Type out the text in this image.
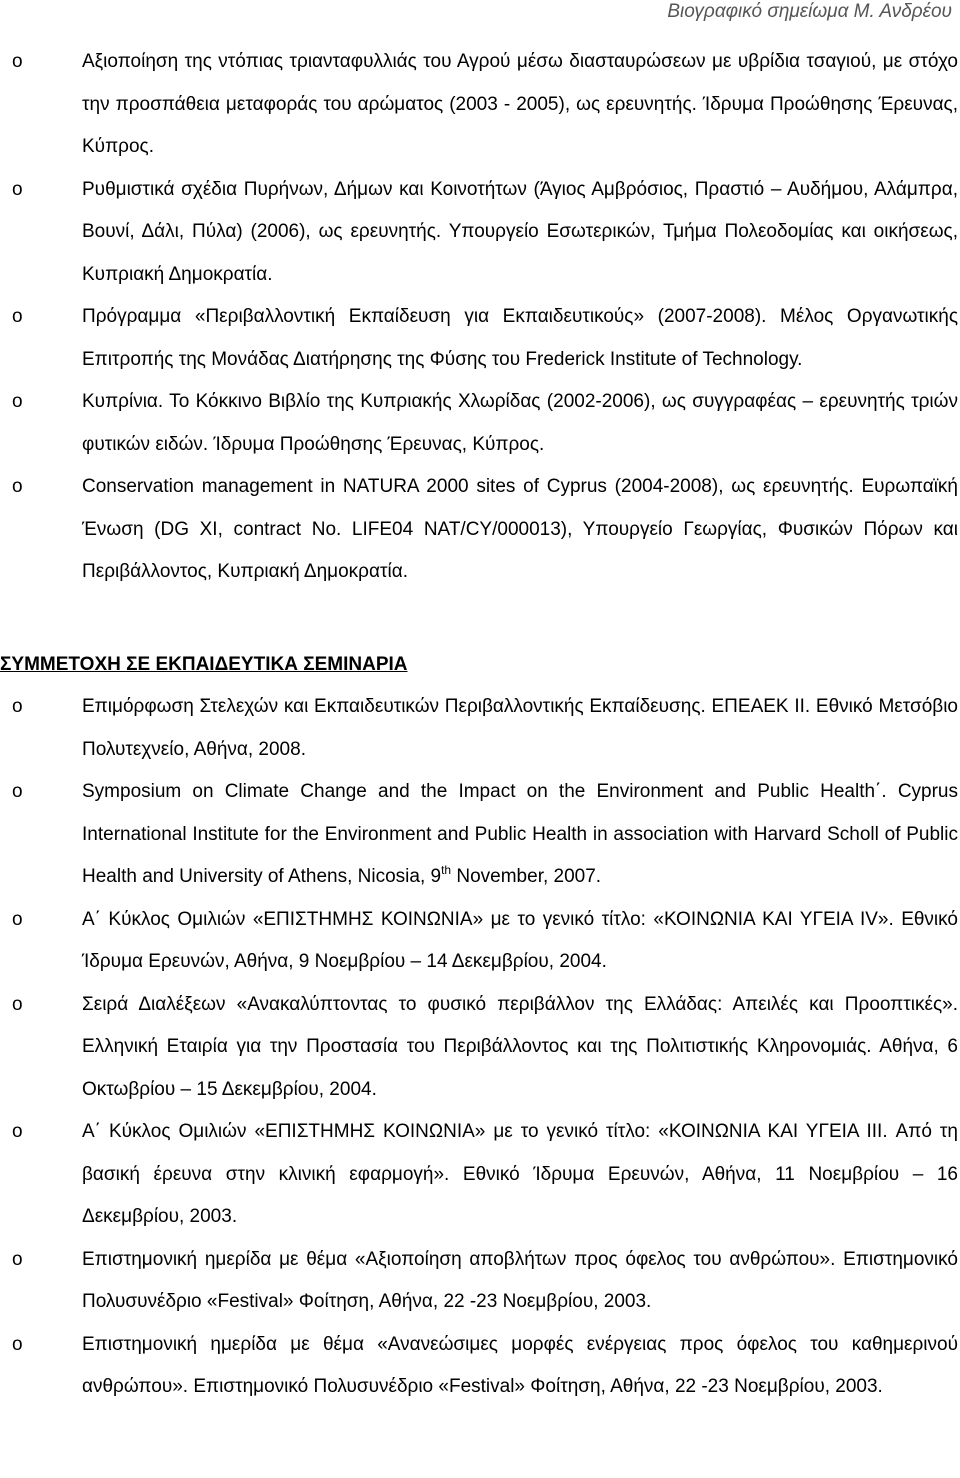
Βιογραφικό σημείωμα Μ. Ανδρέου
o	Αξιοποίηση της ντόπιας τριανταφυλλιάς του Αγρού μέσω διασταυρώσεων με υβρίδια τσαγιού, με στόχο την προσπάθεια μεταφοράς του αρώματος (2003 - 2005), ως ερευνητής. Ίδρυμα Προώθησης Έρευνας, Κύπρος.
o	Ρυθμιστικά σχέδια Πυρήνων, Δήμων και Κοινοτήτων (Άγιος Αμβρόσιος, Πραστιό – Αυδήμου, Αλάμπρα, Βουνί, Δάλι, Πύλα) (2006), ως ερευνητής. Υπουργείο Εσωτερικών, Τμήμα Πολεοδομίας και οικήσεως, Κυπριακή Δημοκρατία.
o	Πρόγραμμα «Περιβαλλοντική Εκπαίδευση για Εκπαιδευτικούς» (2007-2008). Μέλος Οργανωτικής Επιτροπής της Μονάδας Διατήρησης της Φύσης του Frederick Institute of Technology.
o	Κυπρίνια. Το Κόκκινο Βιβλίο της Κυπριακής Χλωρίδας (2002-2006), ως συγγραφέας – ερευνητής τριών φυτικών ειδών. Ίδρυμα Προώθησης Έρευνας, Κύπρος.
o	Conservation management in NATURA 2000 sites of Cyprus (2004-2008), ως ερευνητής. Ευρωπαϊκή Ένωση (DG XI, contract No. LIFE04 NAT/CY/000013), Υπουργείο Γεωργίας, Φυσικών Πόρων και Περιβάλλοντος, Κυπριακή Δημοκρατία.
ΣΥΜΜΕΤΟΧΗ ΣΕ ΕΚΠΑΙΔΕΥΤΙΚΑ ΣΕΜΙΝΑΡΙΑ
o	Επιμόρφωση Στελεχών και Εκπαιδευτικών Περιβαλλοντικής Εκπαίδευσης. ΕΠΕΑΕΚ ΙΙ. Εθνικό Μετσόβιο Πολυτεχνείο, Αθήνα, 2008.
o	Symposium on Climate Change and the Impact on the Environment and Public Health΄. Cyprus International Institute for the Environment and Public Health in association with Harvard Scholl of Public Health and University of Athens, Nicosia, 9th November, 2007.
o	Α΄ Κύκλος Ομιλιών «ΕΠΙΣΤΗΜΗΣ ΚΟΙΝΩΝΙΑ» με το γενικό τίτλο: «ΚΟΙΝΩΝΙΑ ΚΑΙ ΥΓΕΙΑ IV». Εθνικό Ίδρυμα Ερευνών, Αθήνα, 9 Νοεμβρίου – 14 Δεκεμβρίου, 2004.
o	Σειρά Διαλέξεων «Ανακαλύπτοντας το φυσικό περιβάλλον της Ελλάδας: Απειλές και Προοπτικές». Ελληνική Εταιρία για την Προστασία του Περιβάλλοντος και της Πολιτιστικής Κληρονομιάς. Αθήνα, 6 Οκτωβρίου – 15 Δεκεμβρίου, 2004.
o	Α΄ Κύκλος Ομιλιών «ΕΠΙΣΤΗΜΗΣ ΚΟΙΝΩΝΙΑ» με το γενικό τίτλο: «ΚΟΙΝΩΝΙΑ ΚΑΙ ΥΓΕΙΑ III. Από τη βασική έρευνα στην κλινική εφαρμογή». Εθνικό Ίδρυμα Ερευνών, Αθήνα, 11 Νοεμβρίου – 16 Δεκεμβρίου, 2003.
o	Επιστημονική ημερίδα με θέμα «Αξιοποίηση αποβλήτων προς όφελος του ανθρώπου». Επιστημονικό Πολυσυνέδριο «Festival» Φοίτηση, Αθήνα, 22 -23 Νοεμβρίου, 2003.
o	Επιστημονική ημερίδα με θέμα «Ανανεώσιμες μορφές ενέργειας προς όφελος του καθημερινού ανθρώπου». Επιστημονικό Πολυσυνέδριο «Festival» Φοίτηση, Αθήνα, 22 -23 Νοεμβρίου, 2003.
